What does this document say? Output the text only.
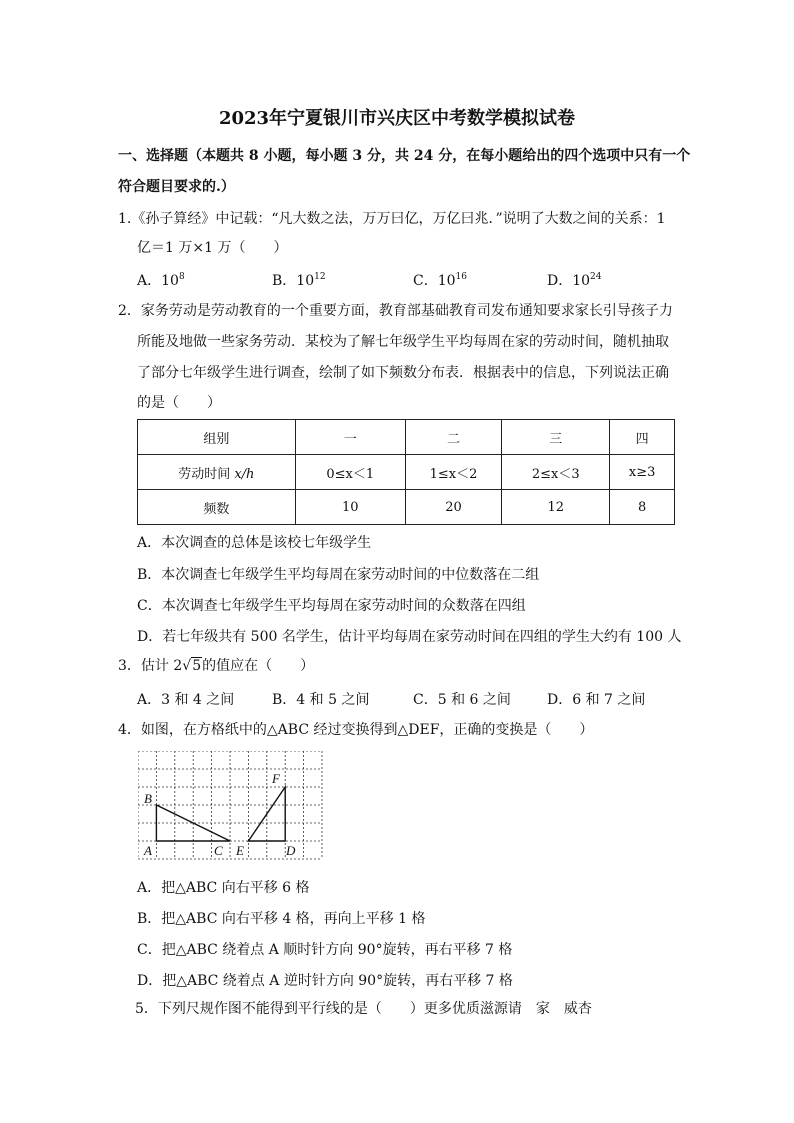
2023年宁夏银川市兴庆区中考数学模拟试卷
一、选择题（本题共 8 小题，每小题 3 分，共 24 分，在每小题给出的四个选项中只有一个
符合题目要求的.）
1.《孙子算经》中记载：“凡大数之法，万万曰亿，万亿曰兆．”说明了大数之间的关系：1
亿＝1 万×1 万（　　）
A．$10^8$	B．$10^{12}$	C．$10^{16}$	D．$10^{24}$
2．家务劳动是劳动教育的一个重要方面，教育部基础教育司发布通知要求家长引导孩子力
所能及地做一些家务劳动．某校为了解七年级学生平均每周在家的劳动时间，随机抽取
了部分七年级学生进行调查，绘制了如下频数分布表．根据表中的信息，下列说法正确
的是（　　）
组别	一	二	三	四
劳动时间 x/h	0≤x＜1	1≤x＜2	2≤x＜3	x≥3
频数	10	20	12	8
A．本次调查的总体是该校七年级学生
B．本次调查七年级学生平均每周在家劳动时间的中位数落在二组
C．本次调查七年级学生平均每周在家劳动时间的众数落在四组
D．若七年级共有 500 名学生，估计平均每周在家劳动时间在四组的学生大约有 100 人
3．估计 2√5的值应在（　　）
A．3 和 4 之间	B．4 和 5 之间	C．5 和 6 之间	D．6 和 7 之间
4．如图，在方格纸中的△ABC 经过变换得到△DEF，正确的变换是（　　）
B
A	C E	D
F
A．把△ABC 向右平移 6 格
B．把△ABC 向右平移 4 格，再向上平移 1 格
C．把△ABC 绕着点 A 顺时针方向 90°旋转，再右平移 7 格
D．把△ABC 绕着点 A 逆时针方向 90°旋转，再右平移 7 格
5．下列尺规作图不能得到平行线的是（　　）更多优质滋源请　家　威杏
